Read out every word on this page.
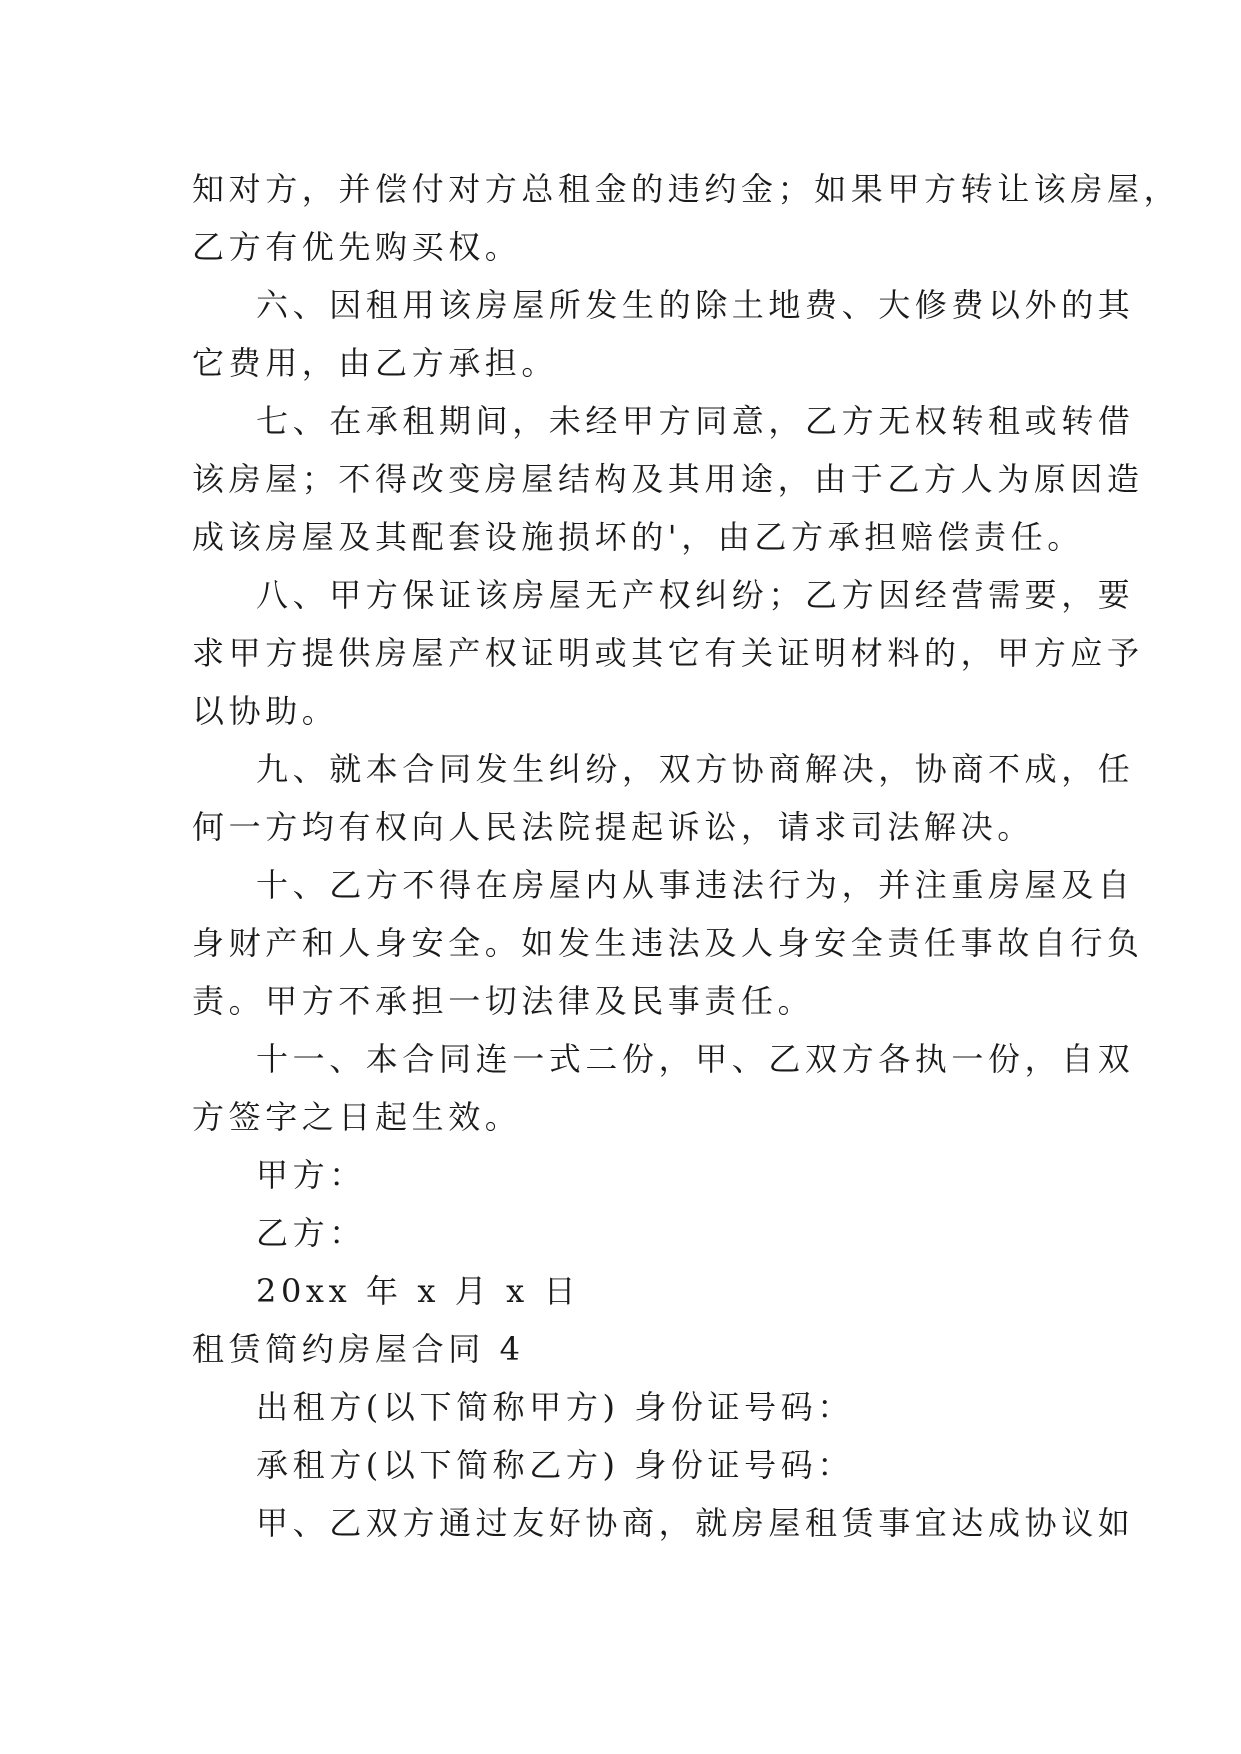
知对方，并偿付对方总租金的违约金；如果甲方转让该房屋，
乙方有优先购买权。
六、因租用该房屋所发生的除土地费、大修费以外的其
它费用，由乙方承担。
七、在承租期间，未经甲方同意，乙方无权转租或转借
该房屋；不得改变房屋结构及其用途，由于乙方人为原因造
成该房屋及其配套设施损坏的'，由乙方承担赔偿责任。
八、甲方保证该房屋无产权纠纷；乙方因经营需要，要
求甲方提供房屋产权证明或其它有关证明材料的，甲方应予
以协助。
九、就本合同发生纠纷，双方协商解决，协商不成，任
何一方均有权向人民法院提起诉讼，请求司法解决。
十、乙方不得在房屋内从事违法行为，并注重房屋及自
身财产和人身安全。如发生违法及人身安全责任事故自行负
责。甲方不承担一切法律及民事责任。
十一、本合同连一式二份，甲、乙双方各执一份，自双
方签字之日起生效。
甲方：
乙方：
20xx 年 x 月 x 日
租赁简约房屋合同 4
出租方(以下简称甲方) 身份证号码：
承租方(以下简称乙方) 身份证号码：
甲、乙双方通过友好协商，就房屋租赁事宜达成协议如
